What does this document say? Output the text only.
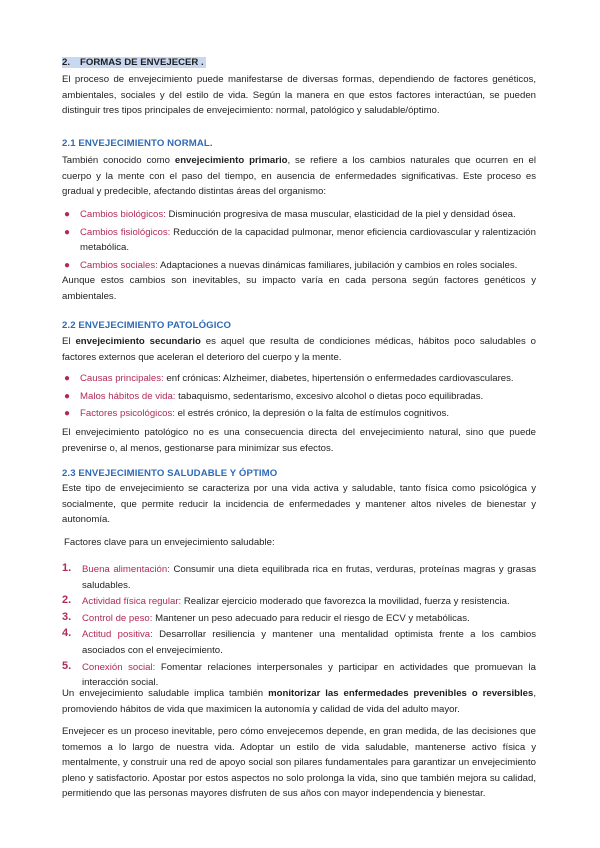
2. FORMAS DE ENVEJECER .

El proceso de envejecimiento puede manifestarse de diversas formas, dependiendo de factores genéticos, ambientales, sociales y del estilo de vida. Según la manera en que estos factores interactúan, se pueden distinguir tres tipos principales de envejecimiento: normal, patológico y saludable/óptimo.

2.1 ENVEJECIMIENTO NORMAL.

También conocido como envejecimiento primario, se refiere a los cambios naturales que ocurren en el cuerpo y la mente con el paso del tiempo, en ausencia de enfermedades significativas. Este proceso es gradual y predecible, afectando distintas áreas del organismo:

● Cambios biológicos: Disminución progresiva de masa muscular, elasticidad de la piel y densidad ósea.
● Cambios fisiológicos: Reducción de la capacidad pulmonar, menor eficiencia cardiovascular y ralentización metabólica.
● Cambios sociales: Adaptaciones a nuevas dinámicas familiares, jubilación y cambios en roles sociales.

Aunque estos cambios son inevitables, su impacto varía en cada persona según factores genéticos y ambientales.

2.2 ENVEJECIMIENTO PATOLÓGICO

El envejecimiento secundario es aquel que resulta de condiciones médicas, hábitos poco saludables o factores externos que aceleran el deterioro del cuerpo y la mente.

● Causas principales: enf crónicas: Alzheimer, diabetes, hipertensión o enfermedades cardiovasculares.
● Malos hábitos de vida: tabaquismo, sedentarismo, excesivo alcohol o dietas poco equilibradas.
● Factores psicológicos: el estrés crónico, la depresión o la falta de estímulos cognitivos.

El envejecimiento patológico no es una consecuencia directa del envejecimiento natural, sino que puede prevenirse o, al menos, gestionarse para minimizar sus efectos.

2.3 ENVEJECIMIENTO SALUDABLE Y ÓPTIMO

Este tipo de envejecimiento se caracteriza por una vida activa y saludable, tanto física como psicológica y socialmente, que permite reducir la incidencia de enfermedades y mantener altos niveles de bienestar y autonomía.

Factores clave para un envejecimiento saludable:

1. Buena alimentación: Consumir una dieta equilibrada rica en frutas, verduras, proteínas magras y grasas saludables.
2. Actividad física regular: Realizar ejercicio moderado que favorezca la movilidad, fuerza y resistencia.
3. Control de peso: Mantener un peso adecuado para reducir el riesgo de ECV y metabólicas.
4. Actitud positiva: Desarrollar resiliencia y mantener una mentalidad optimista frente a los cambios asociados con el envejecimiento.
5. Conexión social: Fomentar relaciones interpersonales y participar en actividades que promuevan la interacción social.

Un envejecimiento saludable implica también monitorizar las enfermedades prevenibles o reversibles, promoviendo hábitos de vida que maximicen la autonomía y calidad de vida del adulto mayor.

Envejecer es un proceso inevitable, pero cómo envejecemos depende, en gran medida, de las decisiones que tomemos a lo largo de nuestra vida. Adoptar un estilo de vida saludable, mantenerse activo física y mentalmente, y construir una red de apoyo social son pilares fundamentales para garantizar un envejecimiento pleno y satisfactorio. Apostar por estos aspectos no solo prolonga la vida, sino que también mejora su calidad, permitiendo que las personas mayores disfruten de sus años con mayor independencia y bienestar.
